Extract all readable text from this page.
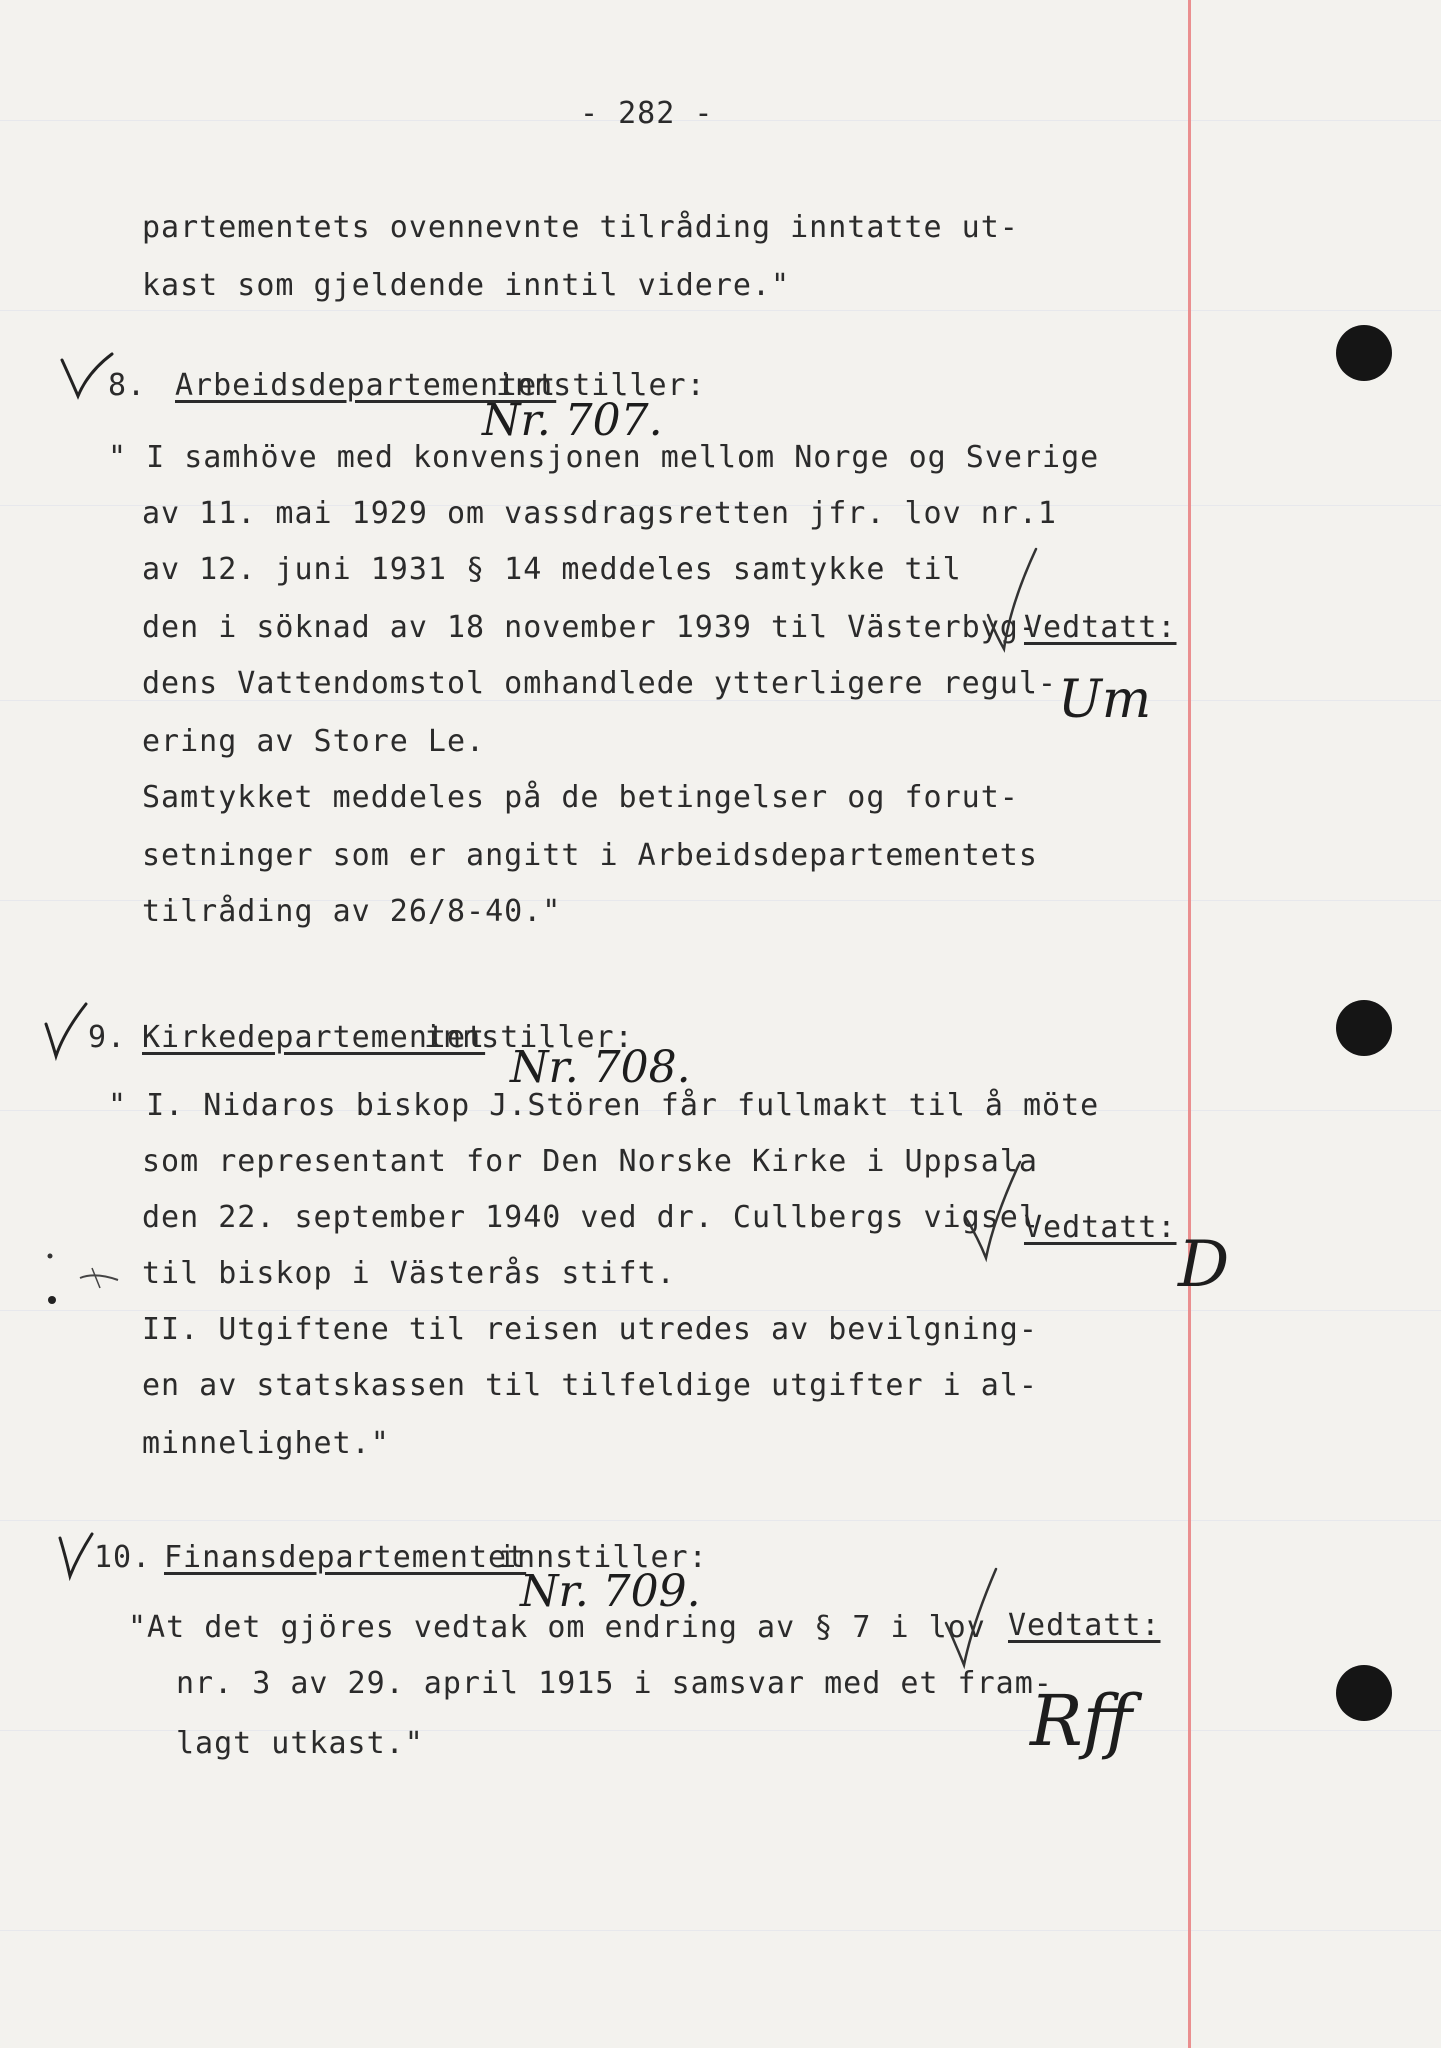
- 282 -
partementets ovennevnte tilråding inntatte ut-
kast som gjeldende inntil videre."
8. Arbeidsdepartementet
innstiller:
Nr. 707.
" I samhöve med konvensjonen mellom Norge og Sverige
av 11. mai 1929 om vassdragsretten jfr. lov nr.1
av 12. juni 1931 § 14 meddeles samtykke til
den i söknad av 18 november 1939 til Västerbyg-
dens Vattendomstol omhandlede ytterligere regul-
ering av Store Le.
Samtykket meddeles på de betingelser og forut-
setninger som er angitt i Arbeidsdepartementets
tilråding av 26/8-40."
Vedtatt:
Um
9. Kirkedepartementet
innstiller:
Nr. 708.
" I. Nidaros biskop J.Stören får fullmakt til å möte
som representant for Den Norske Kirke i Uppsala
den 22. september 1940 ved dr. Cullbergs vigsel
til biskop i Västerås stift.
II. Utgiftene til reisen utredes av bevilgning-
en av statskassen til tilfeldige utgifter i al-
minnelighet."
Vedtatt:
D
10. Finansdepartementet
innstiller:
Nr. 709.
"At det gjöres vedtak om endring av § 7 i lov
nr. 3 av 29. april 1915 i samsvar med et fram-
lagt utkast."
Vedtatt:
Rff
